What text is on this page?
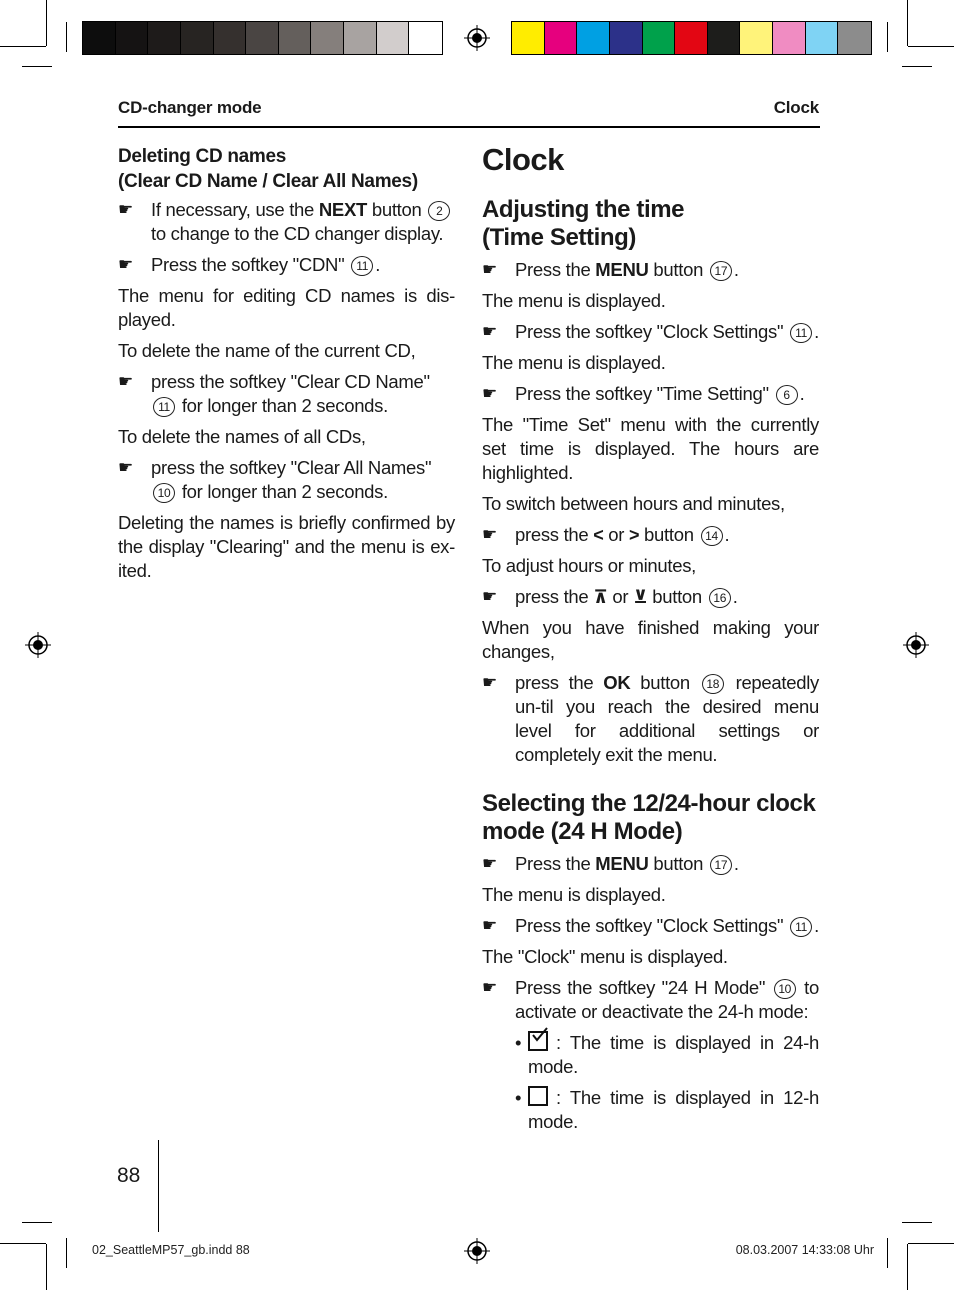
CD-changer mode	Clock
Deleting CD names
(Clear CD Name / Clear All Names)
☛ If necessary, use the NEXT button 2 to change to the CD changer display.
☛ Press the softkey "CDN" 11 .

The menu for editing CD names is dis-played.

To delete the name of the current CD,

☛ press the softkey "Clear CD Name" 11 for longer than 2 seconds.

To delete the names of all CDs,

☛ press the softkey "Clear All Names" 10 for longer than 2 seconds.

Deleting the names is briefly confirmed by the display "Clearing" and the menu is ex-ited.

Clock
Adjusting the time
(Time Setting)
☛ Press the MENU button 17 .

The menu is displayed.

☛ Press the softkey "Clock Settings" 11 .

The menu is displayed.

☛ Press the softkey "Time Setting" 6 .

The "Time Set" menu with the currently set time is displayed. The hours are highlighted.

To switch between hours and minutes,

☛ press the < or > button 14 .

To adjust hours or minutes,

☛ press the ⊼ or ⊻ button 16 .

When you have finished making your changes,

☛ press the OK button 18 repeatedly un-til you reach the desired menu level for additional settings or completely exit the menu.
Selecting the 12/24-hour clock
mode (24 H Mode)
☛ Press the MENU button 17 .

The menu is displayed.

☛ Press the softkey "Clock Settings" 11 .

The "Clock" menu is displayed.

☛ Press the softkey "24 H Mode" 10 to activate or deactivate the 24-h mode:
• : The time is displayed in 24-h mode.
• : The time is displayed in 12-h mode.
88
02_SeattleMP57_gb.indd 88	08.03.2007 14:33:08 Uhr
